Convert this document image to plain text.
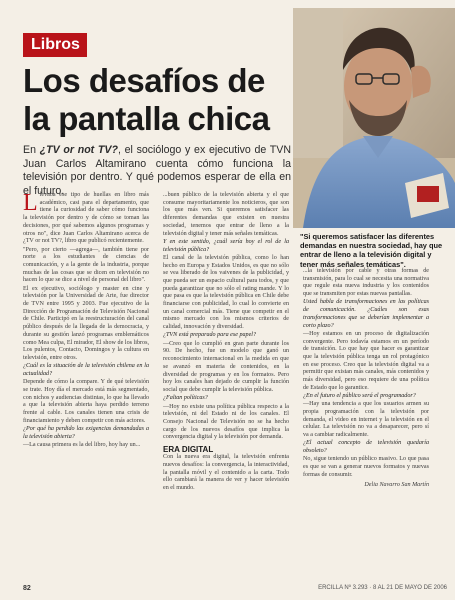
Libros
Los desafíos de la pantalla chica
En ¿TV or not TV?, el sociólogo y ex ejecutivo de TVN Juan Carlos Altamirano cuenta cómo funciona la televisión por dentro. Y qué podemos esperar de ella en el futuro.
"Si queremos satisfacer las diferentes demandas en nuestra sociedad, hay que entrar de lleno a la televisión digital y tener más señales temáticas".

Llevaba ese tipo de huellas en libro más académico, casi para el departamento, que tiene la curiosidad de saber cómo funciona la televisión por dentro y de cómo se toman las decisiones, por qué sabemos algunos programas y otros no", dice Juan Carlos Altamirano acerca de ¿TV or not TV?, libro que publicó recientemente.

"Pero, por cierto —agrega—, también tiene por norte a los estudiantes de ciencias de comunicación, y a la gente de la industria, porque muchas de las cosas que se dicen en televisión no hacen lo que se dice a nivel de personal del libro".

El ex ejecutivo, sociólogo y master en cine y televisión por la Universidad de Arte, fue director de TVN entre 1995 y 2003. Fue ejecutivo de la Dirección de Programación de Televisión Nacional de Chile. Participó en la reestructuración del canal público después de la llegada de la democracia, y durante su gestión lanzó programas emblemáticos como Mea culpa, El mirador, El show de los libros, Los pulentos, Contacto, Domingos y la cultura en televisión, entre otros.

¿Cuál es la situación de la televisión chilena en la actualidad?

Depende de cómo la compare. Y de qué televisión se trate. Hoy día el mercado está más segmentado, con nichos y audiencias distintas, lo que ha llevado a que la televisión abierta haya perdido terreno frente al cable. Los canales tienen una crisis de financiamiento y deben competir con más actores.

¿Por qué ha perdido las exigencias demandadas a la televisión abierta?

—La causa primera es la del libro, hoy hay un...

...buen público de la televisión abierta y el que consume mayoritariamente los noticieros, que son los que más ven. Si queremos satisfacer las diferentes demandas que existen en nuestra sociedad, tenemos que entrar de lleno a la televisión digital y tener más señales temáticas.

Y en este sentido, ¿cuál sería hoy el rol de la televisión pública?

El canal de la televisión pública, como lo han hecho en Europa y Estados Unidos, es que no sólo se vea liberado de los vaivenes de la publicidad, y que pueda ser un espacio cultural para todos, y que pueda garantizar que no sólo el rating mande. Y lo que pasa es que la televisión pública en Chile debe financiarse con publicidad, lo cual lo convierte en un canal comercial más. Tiene que competir en el mismo mercado con los mismos criterios de calidad, innovación y diversidad.

¿TVN está preparado para ese papel?

—Creo que lo cumplió en gran parte durante los 90. De hecho, fue un modelo que ganó un reconocimiento internacional en la medida en que se avanzó en materia de contenidos, en la diversidad de programas y en los formatos. Pero hoy los canales han dejado de cumplir la función social que debe cumplir la televisión pública.

¿Faltan políticas?

—Hoy no existe una política pública respecto a la televisión, ni del Estado ni de los canales. El Consejo Nacional de Televisión no se ha hecho cargo de los nuevos desafíos que implica la convergencia digital y la televisión por demanda.

ERA DIGITAL

Con la nueva era digital, la televisión enfrenta nuevos desafíos: la convergencia, la interactividad, la pantalla móvil y el contenido a la carta. Todo ello cambiará la manera de ver y hacer televisión en el mundo.

...la televisión por cable y otras formas de transmisión, para lo cual se necesita una normativa que regule esta nueva industria y los contenidos que se transmiten por estas nuevas pantallas.

Usted habla de transformaciones en las políticas de comunicación. ¿Cuáles son esas transformaciones que se deberían implementar a corto plazo?

—Hoy estamos en un proceso de digitalización convergente. Pero todavía estamos en un período de transición. Lo que hay que hacer es garantizar que la televisión pública tenga un rol protagónico en ese proceso. Creo que la televisión digital va a permitir que existan más canales, más contenidos y más diversidad, pero eso requiere de una política de Estado que lo garantice.

¿En el futuro el público será el programador?

—Hay una tendencia a que los usuarios armen su propia programación con la televisión por demanda, el video en internet y la televisión en el celular. La televisión no va a desaparecer, pero sí va a cambiar radicalmente.

¿El actual concepto de televisión quedaría obsoleto?

No, sigue teniendo un público masivo. Lo que pasa es que se van a generar nuevos formatos y nuevas formas de consumir.

Delia Navarro San Martín

82	ERCILLA Nº 3.293 · 8 AL 21 DE MAYO DE 2006
